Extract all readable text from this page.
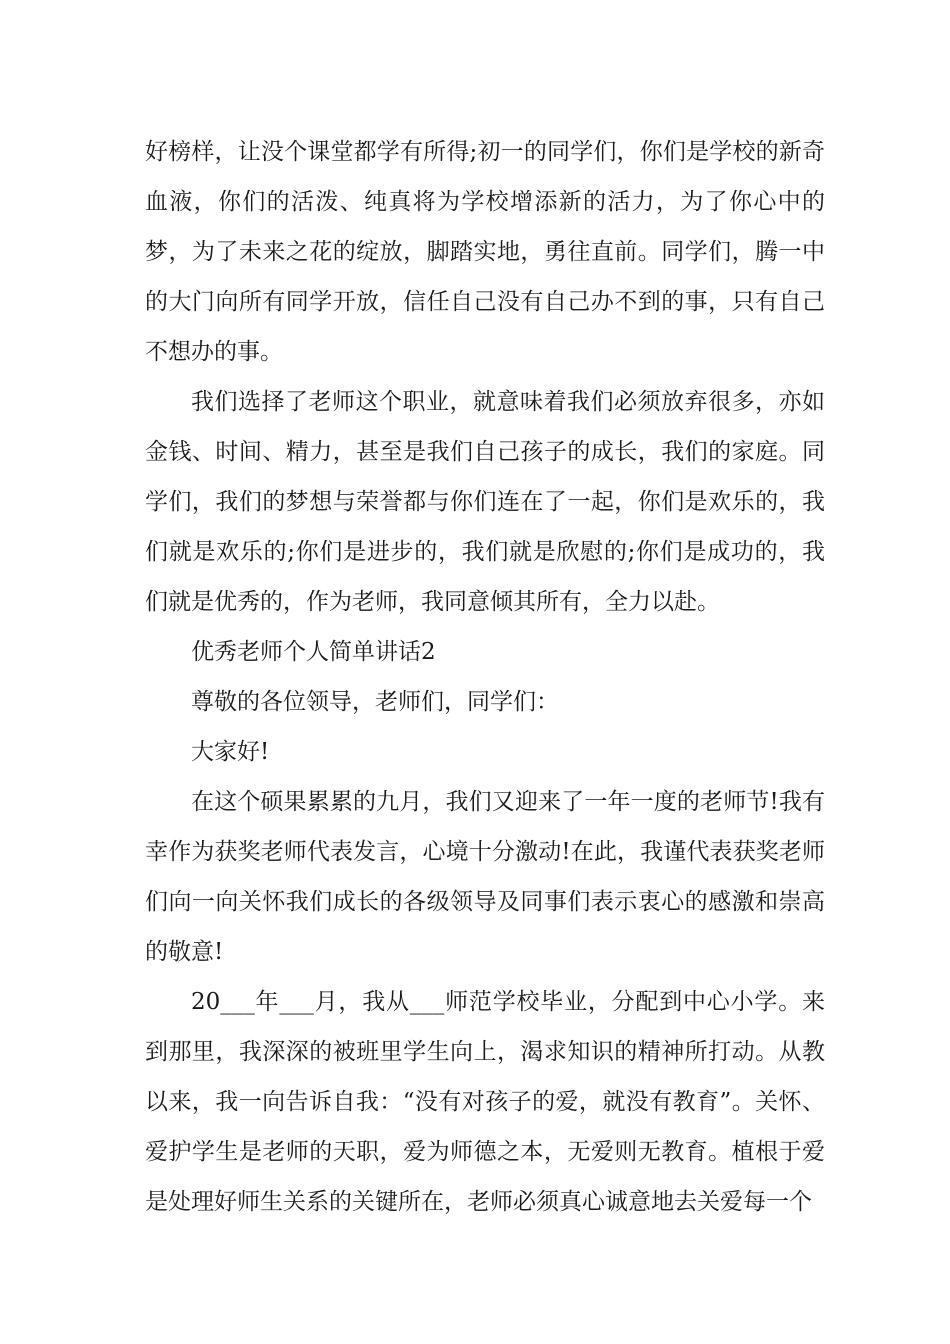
好榜样，让没个课堂都学有所得;初一的同学们，你们是学校的新奇血液，你们的活泼、纯真将为学校增添新的活力，为了你心中的梦，为了未来之花的绽放，脚踏实地，勇往直前。同学们，腾一中的大门向所有同学开放，信任自己没有自己办不到的事，只有自己不想办的事。

我们选择了老师这个职业，就意味着我们必须放弃很多，亦如金钱、时间、精力，甚至是我们自己孩子的成长，我们的家庭。同学们，我们的梦想与荣誉都与你们连在了一起，你们是欢乐的，我们就是欢乐的;你们是进步的，我们就是欣慰的;你们是成功的，我们就是优秀的，作为老师，我同意倾其所有，全力以赴。

优秀老师个人简单讲话2

尊敬的各位领导，老师们，同学们：

大家好!

在这个硕果累累的九月，我们又迎来了一年一度的老师节!我有幸作为获奖老师代表发言，心境十分激动!在此，我谨代表获奖老师们向一向关怀我们成长的各级领导及同事们表示衷心的感激和崇高的敬意!

20___年___月，我从___师范学校毕业，分配到中心小学。来到那里，我深深的被班里学生向上，渴求知识的精神所打动。从教以来，我一向告诉自我：“没有对孩子的爱，就没有教育”。关怀、爱护学生是老师的天职，爱为师德之本，无爱则无教育。植根于爱是处理好师生关系的关键所在，老师必须真心诚意地去关爱每一个
